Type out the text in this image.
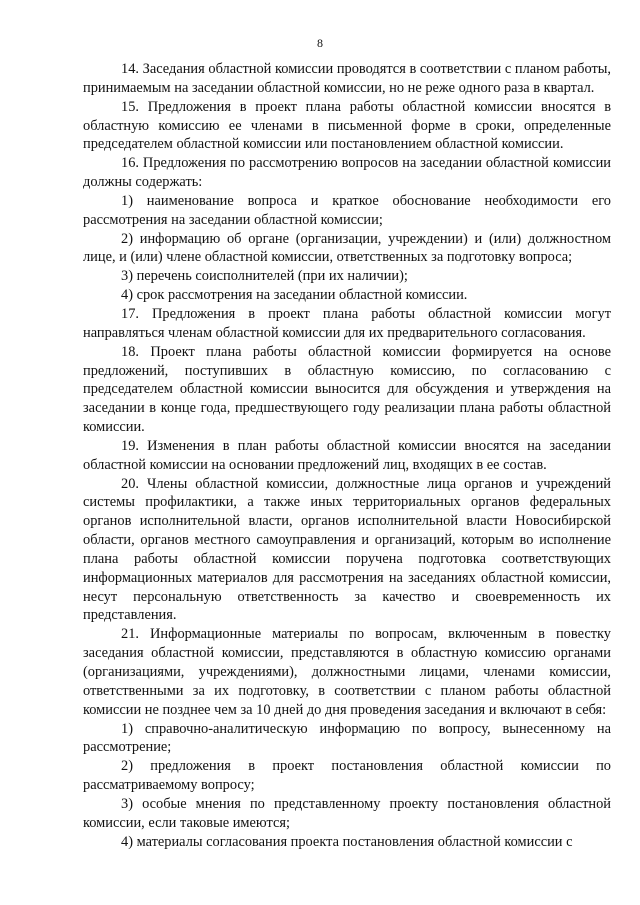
8

14. Заседания областной комиссии проводятся в соответствии с планом работы, принимаемым на заседании областной комиссии, но не реже одного раза в квартал.

15. Предложения в проект плана работы областной комиссии вносятся в областную комиссию ее членами в письменной форме в сроки, определенные председателем областной комиссии или постановлением областной комиссии.

16. Предложения по рассмотрению вопросов на заседании областной комиссии должны содержать:

1) наименование вопроса и краткое обоснование необходимости его рассмотрения на заседании областной комиссии;

2) информацию об органе (организации, учреждении) и (или) должностном лице, и (или) члене областной комиссии, ответственных за подготовку вопроса;

3) перечень соисполнителей (при их наличии);

4) срок рассмотрения на заседании областной комиссии.

17. Предложения в проект плана работы областной комиссии могут направляться членам областной комиссии для их предварительного согласования.

18. Проект плана работы областной комиссии формируется на основе предложений, поступивших в областную комиссию, по согласованию с председателем областной комиссии выносится для обсуждения и утверждения на заседании в конце года, предшествующего году реализации плана работы областной комиссии.

19. Изменения в план работы областной комиссии вносятся на заседании областной комиссии на основании предложений лиц, входящих в ее состав.

20. Члены областной комиссии, должностные лица органов и учреждений системы профилактики, а также иных территориальных органов федеральных органов исполнительной власти, органов исполнительной власти Новосибирской области, органов местного самоуправления и организаций, которым во исполнение плана работы областной комиссии поручена подготовка соответствующих информационных материалов для рассмотрения на заседаниях областной комиссии, несут персональную ответственность за качество и своевременность их представления.

21. Информационные материалы по вопросам, включенным в повестку заседания областной комиссии, представляются в областную комиссию органами (организациями, учреждениями), должностными лицами, членами комиссии, ответственными за их подготовку, в соответствии с планом работы областной комиссии не позднее чем за 10 дней до дня проведения заседания и включают в себя:

1) справочно-аналитическую информацию по вопросу, вынесенному на рассмотрение;

2) предложения в проект постановления областной комиссии по рассматриваемому вопросу;

3) особые мнения по представленному проекту постановления областной комиссии, если таковые имеются;

4) материалы согласования проекта постановления областной комиссии с
